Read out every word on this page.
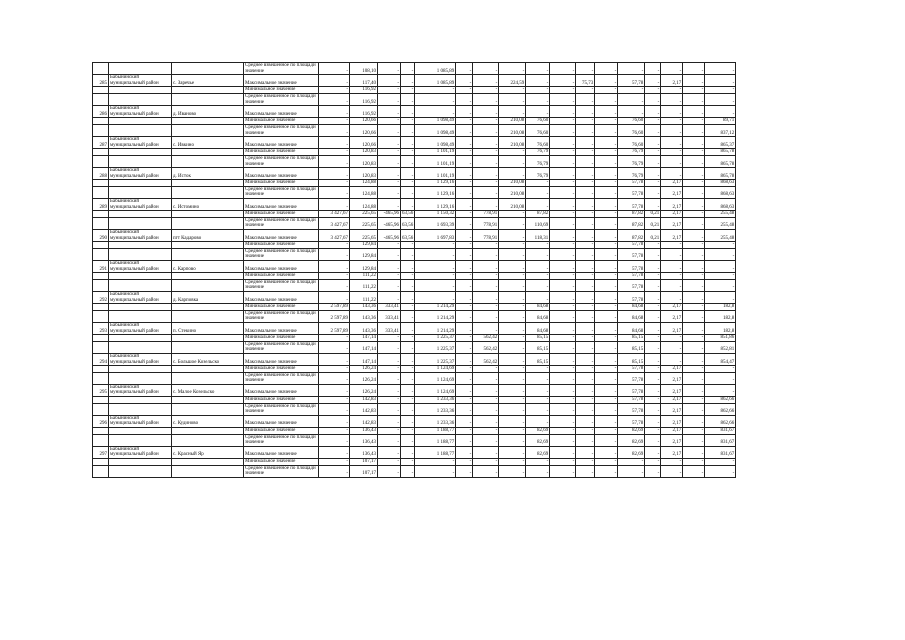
			Среднее взвешенное по площади значение	-	108,10	-	-	1 085,89	-	-	-	-	-	-	-	-	-	-	-	-
285	Бабынинский муниципальный район	с. Заречье	Максимальное значение	-	117,40	-	-	1 085,89	-	-	224,59	-	-	75,73	-	57,78	-	2,17	-	-
			Минимальное значение	-	116,92	-	-	-	-	-	-	-	-	-	-	-	-	-	-	-
			Среднее взвешенное по площади значение	-	116,92	-	-	-	-	-	-	-	-	-	-	-	-	-	-	-
286	Бабынинский муниципальный район	д. Иваново	Максимальное значение	-	116,92	-	-	-	-	-	-	-	-	-	-	-	-	-	-	-
			Минимальное значение	-	120,66	-	-	1 098,49	-	-	210,08	76,60	-	-	-	76,60	-	-	-	89,71
			Среднее взвешенное по площади значение	-	120,66	-	-	1 098,49	-	-	210,08	76,60	-	-	-	76,60	-	-	-	837,12
287	Бабынинский муниципальный район	с. Ивкино	Максимальное значение	-	120,66	-	-	1 098,49	-	-	210,08	76,60	-	-	-	76,60	-	-	-	865,37
			Минимальное значение	-	120,83	-	-	1 101,19	-	-	-	76,79	-	-	-	76,79	-	-	-	865,78
			Среднее взвешенное по площади значение	-	120,83	-	-	1 101,19	-	-	-	76,79	-	-	-	76,79	-	-	-	865,78
288	Бабынинский муниципальный район	д. Исток	Максимальное значение	-	120,83	-	-	1 101,19	-	-	-	76,79	-	-	-	76,79	-	-	-	865,78
			Минимальное значение	-	124,88	-	-	1 129,16	-	-	210,08	-	-	-	-	57,78	-	2,17	-	868,63
			Среднее взвешенное по площади значение	-	124,88	-	-	1 129,16	-	-	210,08	-	-	-	-	57,78	-	2,17	-	868,63
289	Бабынинский муниципальный район	с. Истомино	Максимальное значение	-	124,88	-	-	1 129,16	-	-	210,08	-	-	-	-	57,78	-	2,17	-	868,63
			Минимальное значение	3 427,67	225,65	-465,96	63,56	1 150,32	-	778,91	-	87,82	-	-	-	87,82	0,21	2,17	-	255,48
			Среднее взвешенное по площади значение	3 427,67	225,65	-465,96	63,56	1 693,39	-	778,91	-	110,69	-	-	-	87,82	0,21	2,17	-	255,48
290	Бабынинский муниципальный район	пгт Кадарово	Максимальное значение	3 427,67	225,65	-465,96	63,56	1 697,83	-	778,91	-	118,31	-	-	-	87,82	0,21	2,17	-	255,48
			Минимальное значение	-	129,84	-	-	-	-	-	-	-	-	-	-	57,78	-	-	-	-
			Среднее взвешенное по площади значение	-	129,84	-	-	-	-	-	-	-	-	-	-	57,78	-	-	-	-
291	Бабынинский муниципальный район	с. Карпово	Максимальное значение	-	129,84	-	-	-	-	-	-	-	-	-	-	57,78	-	-	-	-
			Минимальное значение	-	111,22	-	-	-	-	-	-	-	-	-	-	57,78	-	-	-	-
			Среднее взвешенное по площади значение	-	111,22	-	-	-	-	-	-	-	-	-	-	57,78	-	-	-	-
292	Бабынинский муниципальный район	д. Карповка	Максимальное значение	-	111,22	-	-	-	-	-	-	-	-	-	-	57,78	-	-	-	-
			Минимальное значение	2 597,89	143,36	333,41	-	1 214,29	-	-	-	84,68	-	-	-	84,68	-	2,17	-	182,8
			Среднее взвешенное по площади значение	2 597,89	143,36	333,41	-	1 214,29	-	-	-	84,68	-	-	-	84,68	-	2,17	-	182,8
293	Бабынинский муниципальный район	п. Стекино	Максимальное значение	2 597,89	143,36	333,41	-	1 214,29	-	-	-	84,68	-	-	-	84,68	-	2,17	-	182,8
			Минимальное значение	-	147,14	-	-	1 225,37	-	562,42	-	85,15	-	-	-	85,15	-	-	-	851,86
			Среднее взвешенное по площади значение	-	147,14	-	-	1 225,37	-	562,42	-	85,15	-	-	-	85,15	-	-	-	852,81
294	Бабынинский муниципальный район	с. Большое Козельско	Максимальное значение	-	147,14	-	-	1 225,37	-	562,42	-	85,15	-	-	-	85,15	-	-	-	854,47
			Минимальное значение	-	126,24	-	-	1 124,69	-	-	-	-	-	-	-	57,78	-	2,17	-	-
			Среднее взвешенное по площади значение	-	126,24	-	-	1 124,69	-	-	-	-	-	-	-	57,78	-	2,17	-	-
295	Бабынинский муниципальный район	с. Малое Козельско	Максимальное значение	-	126,24	-	-	1 124,69	-	-	-	-	-	-	-	57,78	-	2,17	-	-
			Минимальное значение	-	142,83	-	-	1 233,36	-	-	-	-	-	-	-	57,78	-	2,17	-	862,66
			Среднее взвешенное по площади значение	-	142,83	-	-	1 233,36	-	-	-	-	-	-	-	57,78	-	2,17	-	862,66
296	Бабынинский муниципальный район	с. Кудиново	Максимальное значение	-	142,83	-	-	1 233,36	-	-	-	-	-	-	-	57,78	-	2,17	-	862,66
			Минимальное значение	-	136,43	-	-	1 188,77	-	-	-	82,69	-	-	-	82,69	-	2,17	-	831,67
			Среднее взвешенное по площади значение	-	136,43	-	-	1 188,77	-	-	-	82,69	-	-	-	82,69	-	2,17	-	831,67
297	Бабынинский муниципальный район	с. Красный Яр	Максимальное значение	-	136,43	-	-	1 188,77	-	-	-	82,69	-	-	-	82,69	-	2,17	-	831,67
			Минимальное значение	-	107,17	-	-	-	-	-	-	-	-	-	-	-	-	-	-	-
			Среднее взвешенное по площади значение	-	107,17	-	-	-	-	-	-	-	-	-	-	-	-	-	-	-
